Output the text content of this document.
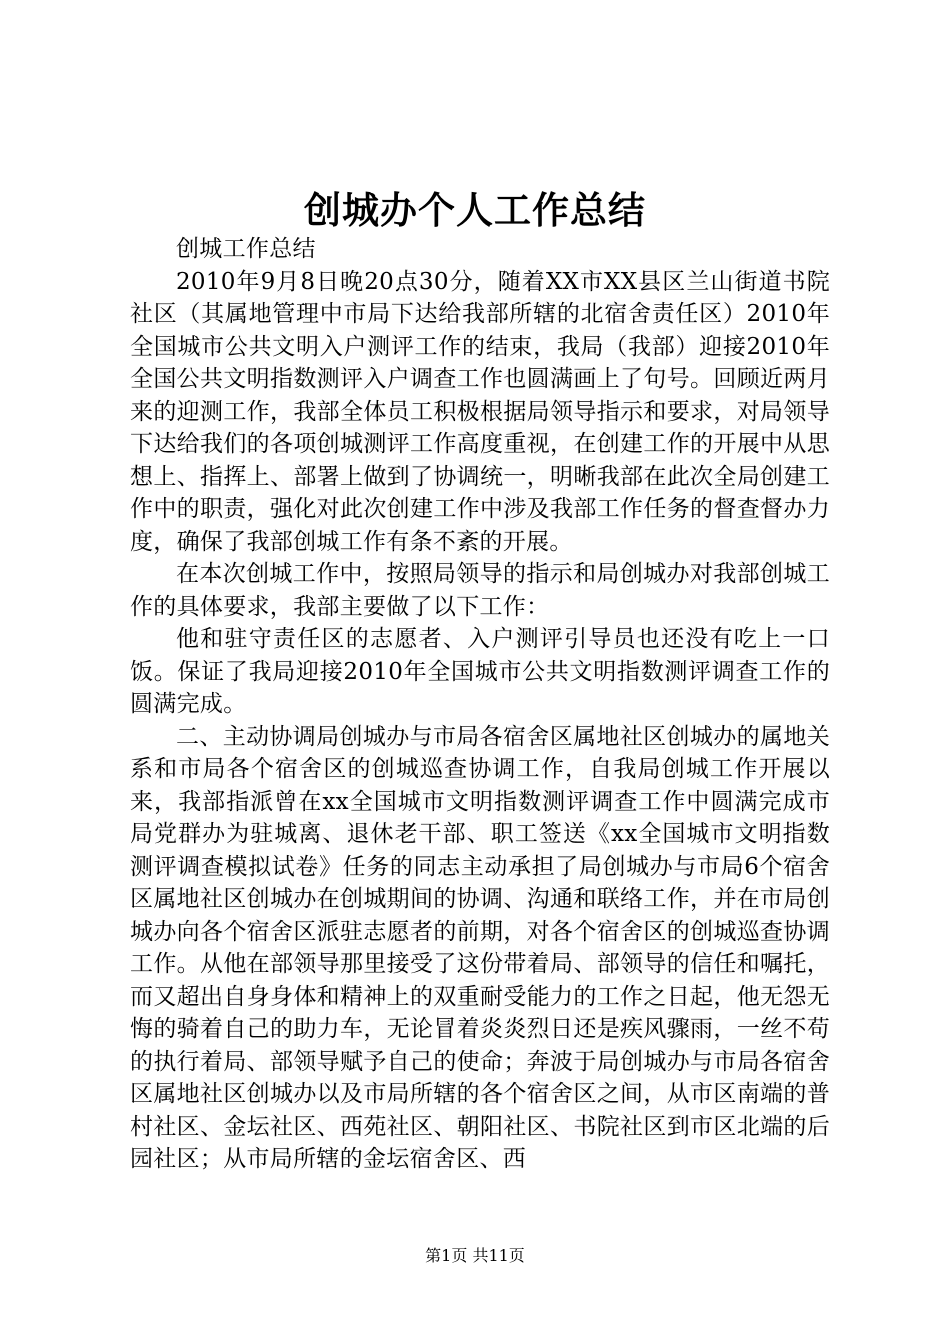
创城办个人工作总结

创城工作总结

2010年9月8日晚20点30分，随着XX市XX县区兰山街道书院社区（其属地管理中市局下达给我部所辖的北宿舍责任区）2010年全国城市公共文明入户测评工作的结束，我局（我部）迎接2010年全国公共文明指数测评入户调查工作也圆满画上了句号。回顾近两月来的迎测工作，我部全体员工积极根据局领导指示和要求，对局领导下达给我们的各项创城测评工作高度重视，在创建工作的开展中从思想上、指挥上、部署上做到了协调统一，明晰我部在此次全局创建工作中的职责，强化对此次创建工作中涉及我部工作任务的督查督办力度，确保了我部创城工作有条不紊的开展。

在本次创城工作中，按照局领导的指示和局创城办对我部创城工作的具体要求，我部主要做了以下工作：

他和驻守责任区的志愿者、入户测评引导员也还没有吃上一口饭。保证了我局迎接2010年全国城市公共文明指数测评调查工作的圆满完成。

二、主动协调局创城办与市局各宿舍区属地社区创城办的属地关系和市局各个宿舍区的创城巡查协调工作，自我局创城工作开展以来，我部指派曾在xx全国城市文明指数测评调查工作中圆满完成市局党群办为驻城离、退休老干部、职工签送《xx全国城市文明指数测评调查模拟试卷》任务的同志主动承担了局创城办与市局6个宿舍区属地社区创城办在创城期间的协调、沟通和联络工作，并在市局创城办向各个宿舍区派驻志愿者的前期，对各个宿舍区的创城巡查协调工作。从他在部领导那里接受了这份带着局、部领导的信任和嘱托，而又超出自身身体和精神上的双重耐受能力的工作之日起，他无怨无悔的骑着自己的助力车，无论冒着炎炎烈日还是疾风骤雨，一丝不苟的执行着局、部领导赋予自己的使命；奔波于局创城办与市局各宿舍区属地社区创城办以及市局所辖的各个宿舍区之间，从市区南端的普村社区、金坛社区、西苑社区、朝阳社区、书院社区到市区北端的后园社区；从市局所辖的金坛宿舍区、西

第1页 共11页
